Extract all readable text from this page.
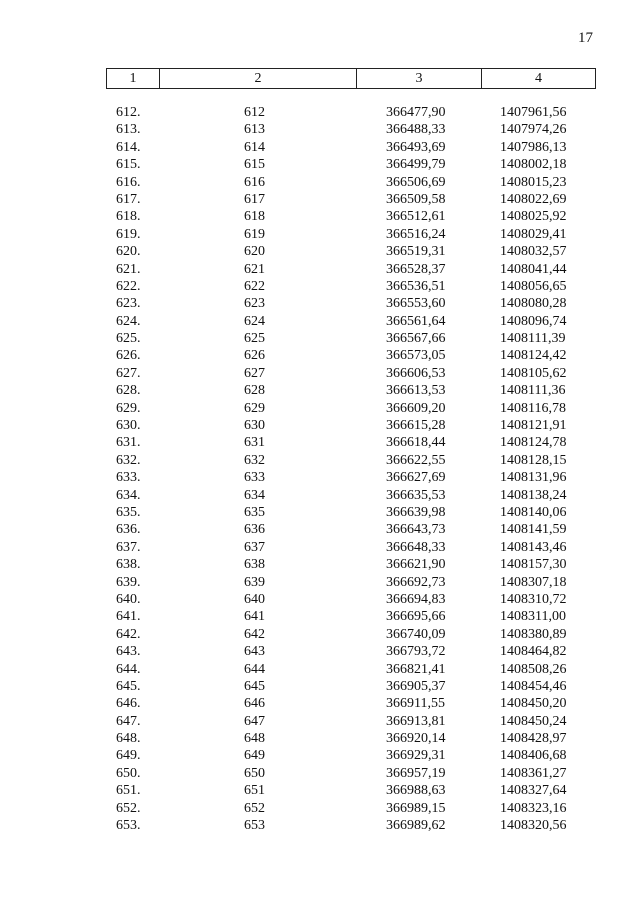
17
1	2	3	4
612.	612	366477,90	1407961,56
613.	613	366488,33	1407974,26
614.	614	366493,69	1407986,13
615.	615	366499,79	1408002,18
616.	616	366506,69	1408015,23
617.	617	366509,58	1408022,69
618.	618	366512,61	1408025,92
619.	619	366516,24	1408029,41
620.	620	366519,31	1408032,57
621.	621	366528,37	1408041,44
622.	622	366536,51	1408056,65
623.	623	366553,60	1408080,28
624.	624	366561,64	1408096,74
625.	625	366567,66	1408111,39
626.	626	366573,05	1408124,42
627.	627	366606,53	1408105,62
628.	628	366613,53	1408111,36
629.	629	366609,20	1408116,78
630.	630	366615,28	1408121,91
631.	631	366618,44	1408124,78
632.	632	366622,55	1408128,15
633.	633	366627,69	1408131,96
634.	634	366635,53	1408138,24
635.	635	366639,98	1408140,06
636.	636	366643,73	1408141,59
637.	637	366648,33	1408143,46
638.	638	366621,90	1408157,30
639.	639	366692,73	1408307,18
640.	640	366694,83	1408310,72
641.	641	366695,66	1408311,00
642.	642	366740,09	1408380,89
643.	643	366793,72	1408464,82
644.	644	366821,41	1408508,26
645.	645	366905,37	1408454,46
646.	646	366911,55	1408450,20
647.	647	366913,81	1408450,24
648.	648	366920,14	1408428,97
649.	649	366929,31	1408406,68
650.	650	366957,19	1408361,27
651.	651	366988,63	1408327,64
652.	652	366989,15	1408323,16
653.	653	366989,62	1408320,56
